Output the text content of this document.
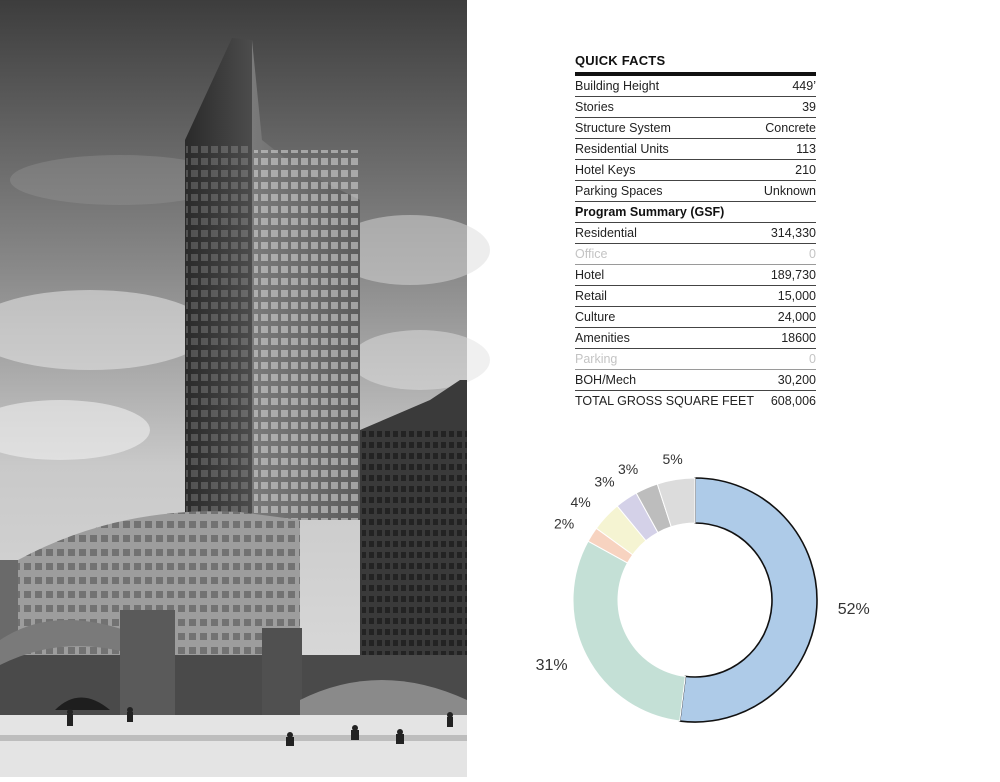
QUICK FACTS
Building Height	449’
Stories	39
Structure System	Concrete
Residential Units	113
Hotel Keys	210
Parking Spaces	Unknown
Program Summary (GSF)
Residential	314,330
Office	0
Hotel	189,730
Retail	15,000
Culture	24,000
Amenities	18600
Parking	0
BOH/Mech	30,200
TOTAL GROSS SQUARE FEET 608,006
52%
31%
2%
4%
3%
3%
5%
